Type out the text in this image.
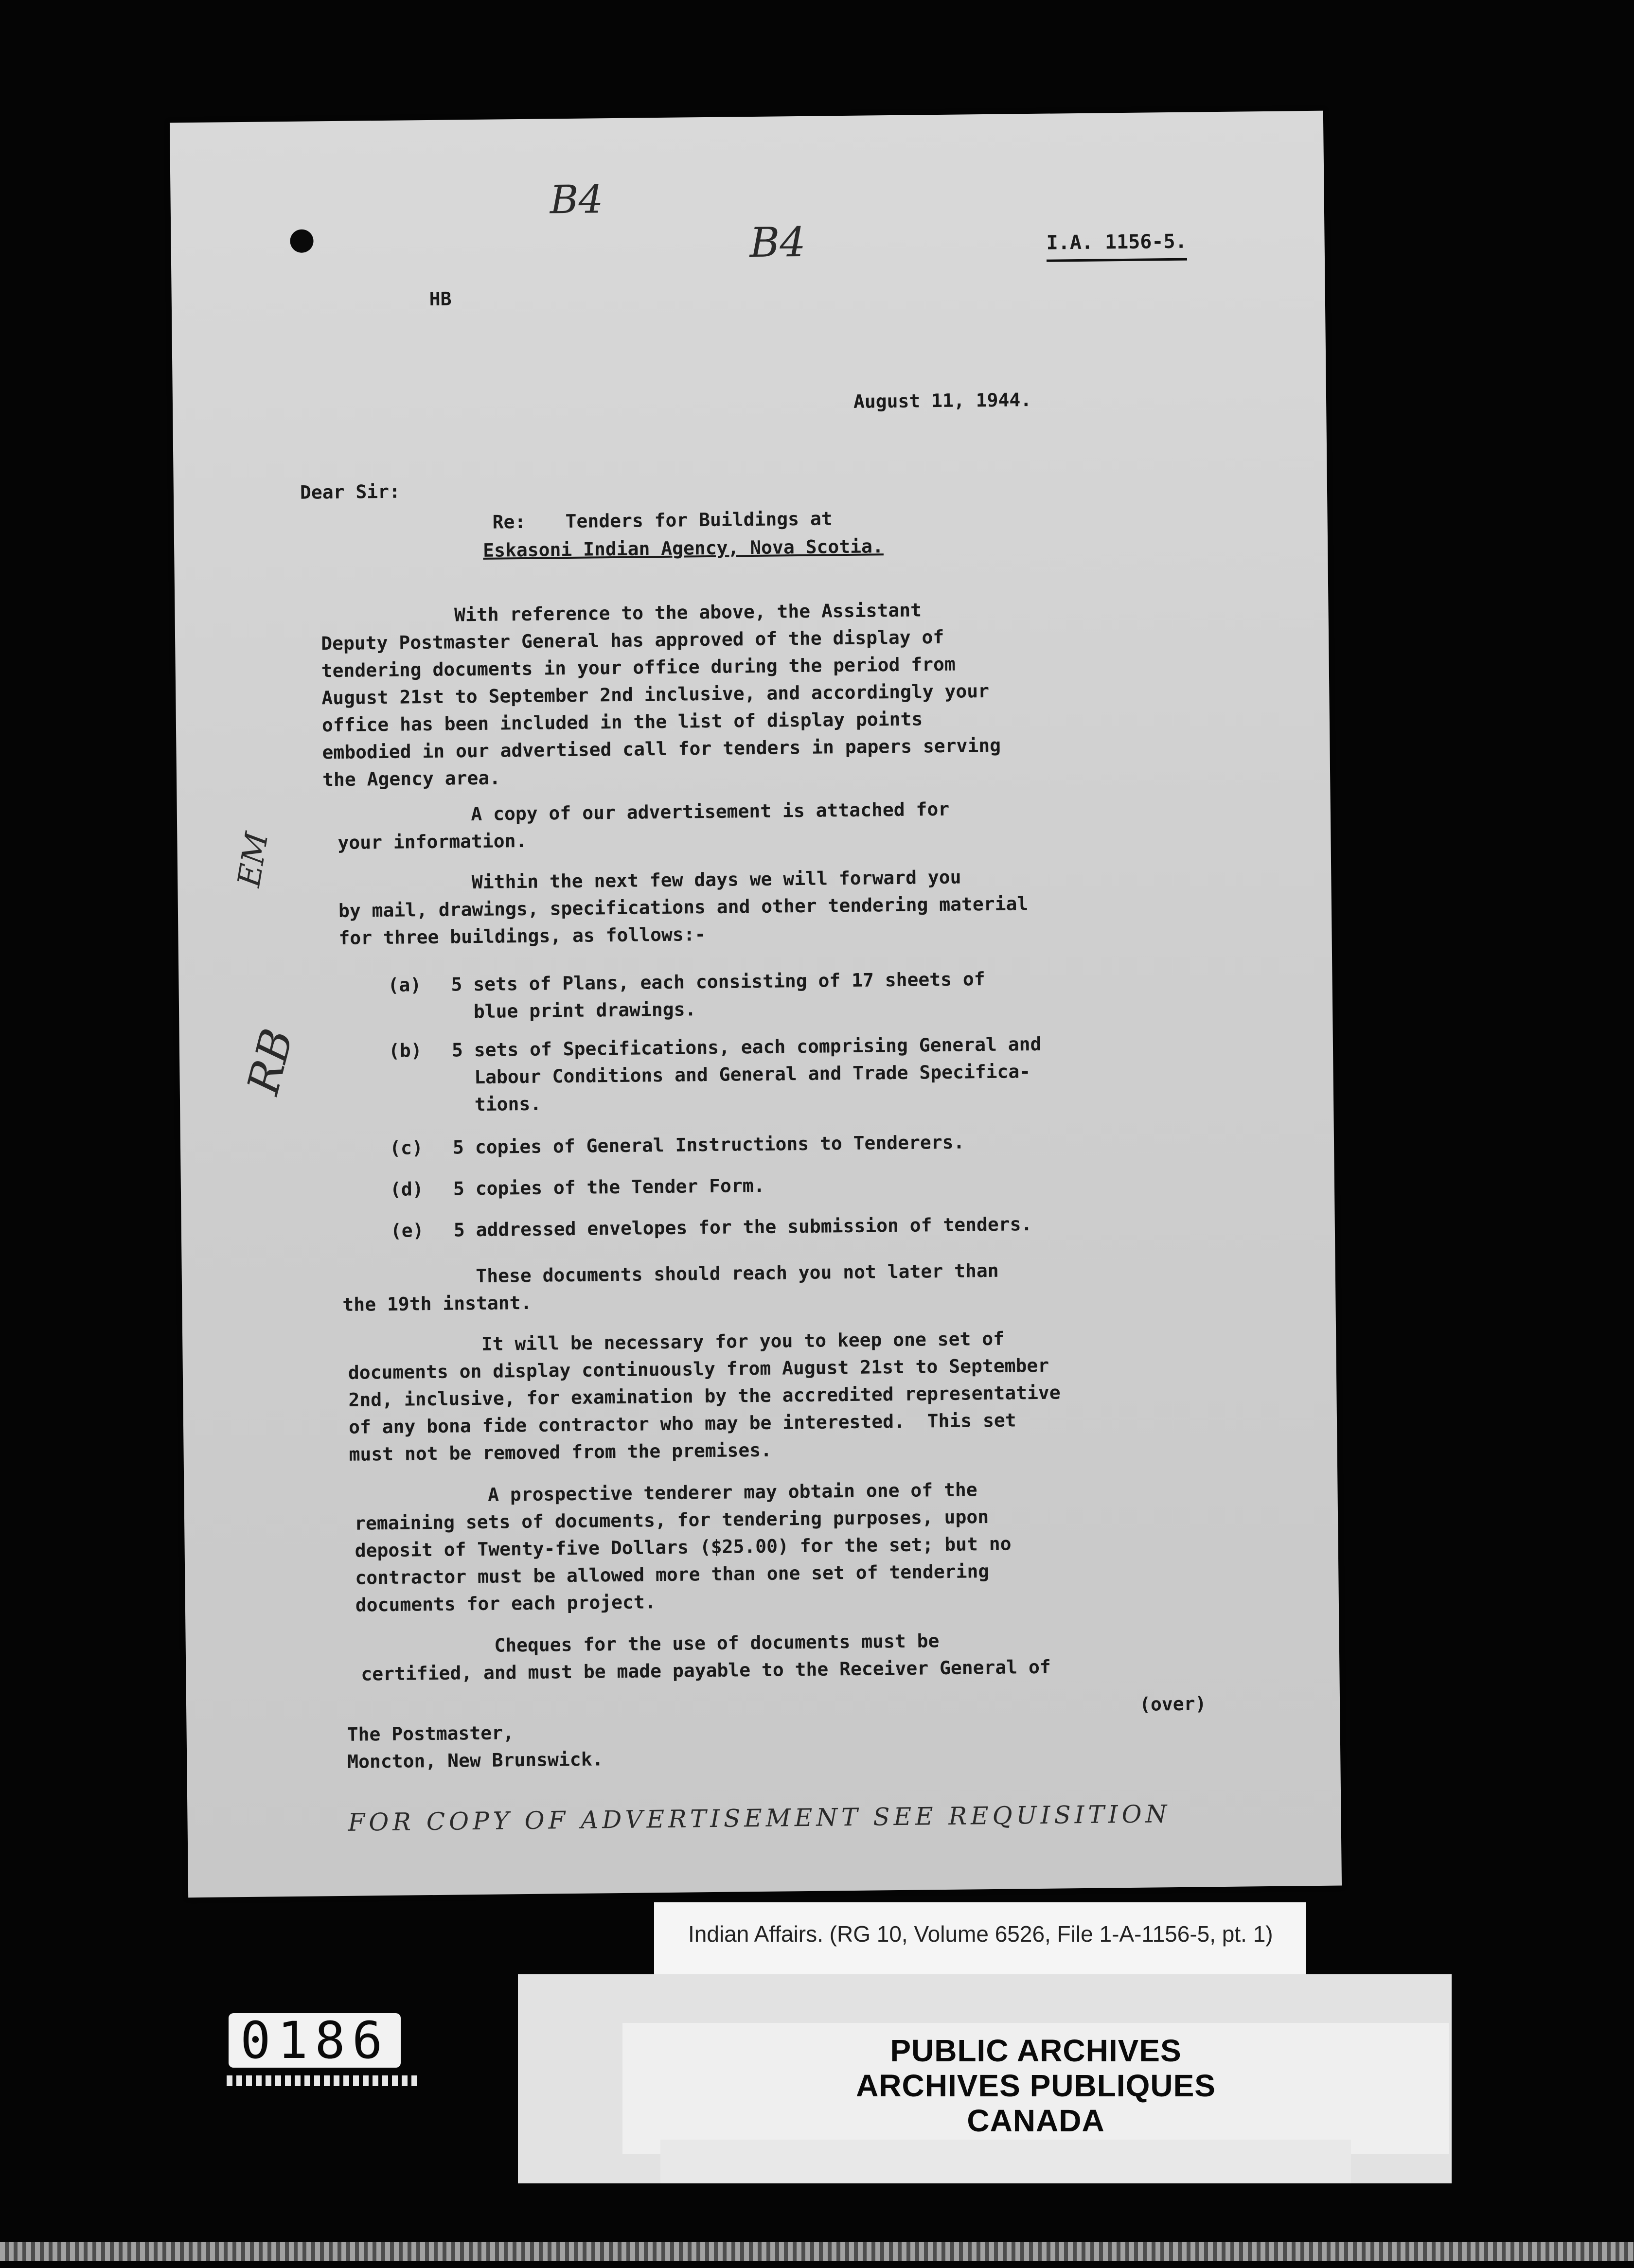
B4
B4
EM
RB
I.A. 1156-5.
HB
August 11, 1944.
Dear Sir:
Re: Tenders for Buildings at
Eskasoni Indian Agency, Nova Scotia.
With reference to the above, the Assistant
Deputy Postmaster General has approved of the display of
tendering documents in your office during the period from
August 21st to September 2nd inclusive, and accordingly your
office has been included in the list of display points
embodied in our advertised call for tenders in papers serving
the Agency area.
A copy of our advertisement is attached for
your information.
Within the next few days we will forward you
by mail, drawings, specifications and other tendering material
for three buildings, as follows:-
(a) 5 sets of Plans, each consisting of 17 sheets of
blue print drawings.
(b) 5 sets of Specifications, each comprising General and
Labour Conditions and General and Trade Specifica-
tions.
(c) 5 copies of General Instructions to Tenderers.
(d) 5 copies of the Tender Form.
(e) 5 addressed envelopes for the submission of tenders.
These documents should reach you not later than
the 19th instant.
It will be necessary for you to keep one set of
documents on display continuously from August 21st to September
2nd, inclusive, for examination by the accredited representative
of any bona fide contractor who may be interested.  This set
must not be removed from the premises.
A prospective tenderer may obtain one of the
remaining sets of documents, for tendering purposes, upon
deposit of Twenty-five Dollars ($25.00) for the set; but no
contractor must be allowed more than one set of tendering
documents for each project.
Cheques for the use of documents must be
certified, and must be made payable to the Receiver General of
(over)
The Postmaster,
Moncton, New Brunswick.
FOR COPY OF ADVERTISEMENT SEE REQUISITION
Indian Affairs. (RG 10, Volume 6526, File 1-A-1156-5, pt. 1)
PUBLIC ARCHIVES
ARCHIVES PUBLIQUES
CANADA
0186
